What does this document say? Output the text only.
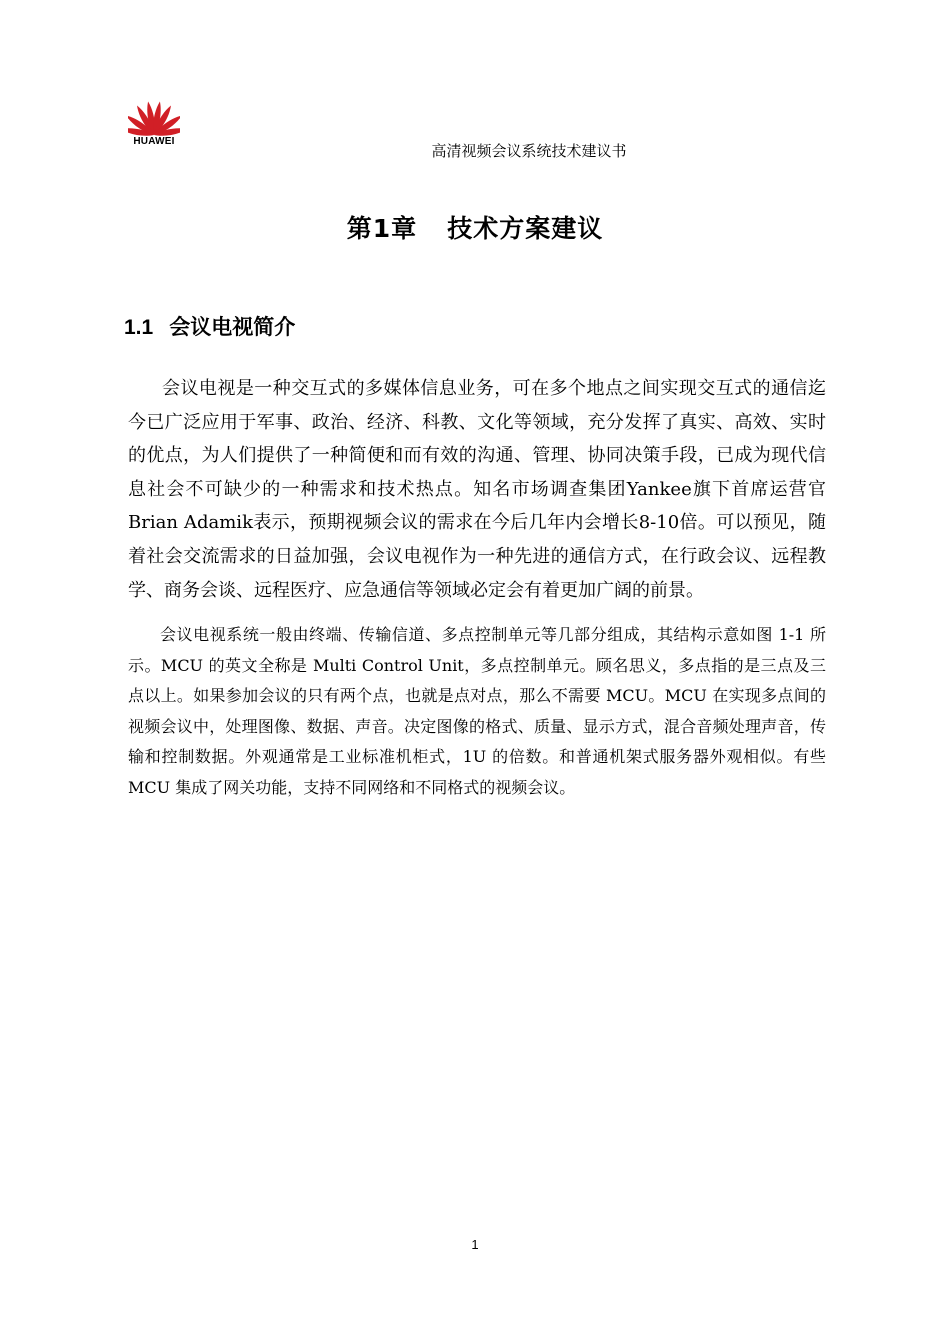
HUAWEI
高清视频会议系统技术建议书
第1章 技术方案建议
1.1 会议电视简介

会议电视是一种交互式的多媒体信息业务，可在多个地点之间实现交互式的通信迄今已广泛应用于军事、政治、经济、科教、文化等领域，充分发挥了真实、高效、实时的优点，为人们提供了一种简便和而有效的沟通、管理、协同决策手段，已成为现代信息社会不可缺少的一种需求和技术热点。知名市场调查集团Yankee旗下首席运营官Brian Adamik表示，预期视频会议的需求在今后几年内会增长8-10倍。可以预见，随着社会交流需求的日益加强，会议电视作为一种先进的通信方式，在行政会议、远程教学、商务会谈、远程医疗、应急通信等领域必定会有着更加广阔的前景。

会议电视系统一般由终端、传输信道、多点控制单元等几部分组成，其结构示意如图 1-1 所示。MCU 的英文全称是 Multi Control Unit，多点控制单元。顾名思义，多点指的是三点及三点以上。如果参加会议的只有两个点，也就是点对点，那么不需要 MCU。MCU 在实现多点间的视频会议中，处理图像、数据、声音。决定图像的格式、质量、显示方式，混合音频处理声音，传输和控制数据。外观通常是工业标准机柜式，1U 的倍数。和普通机架式服务器外观相似。有些 MCU 集成了网关功能，支持不同网络和不同格式的视频会议。

1
